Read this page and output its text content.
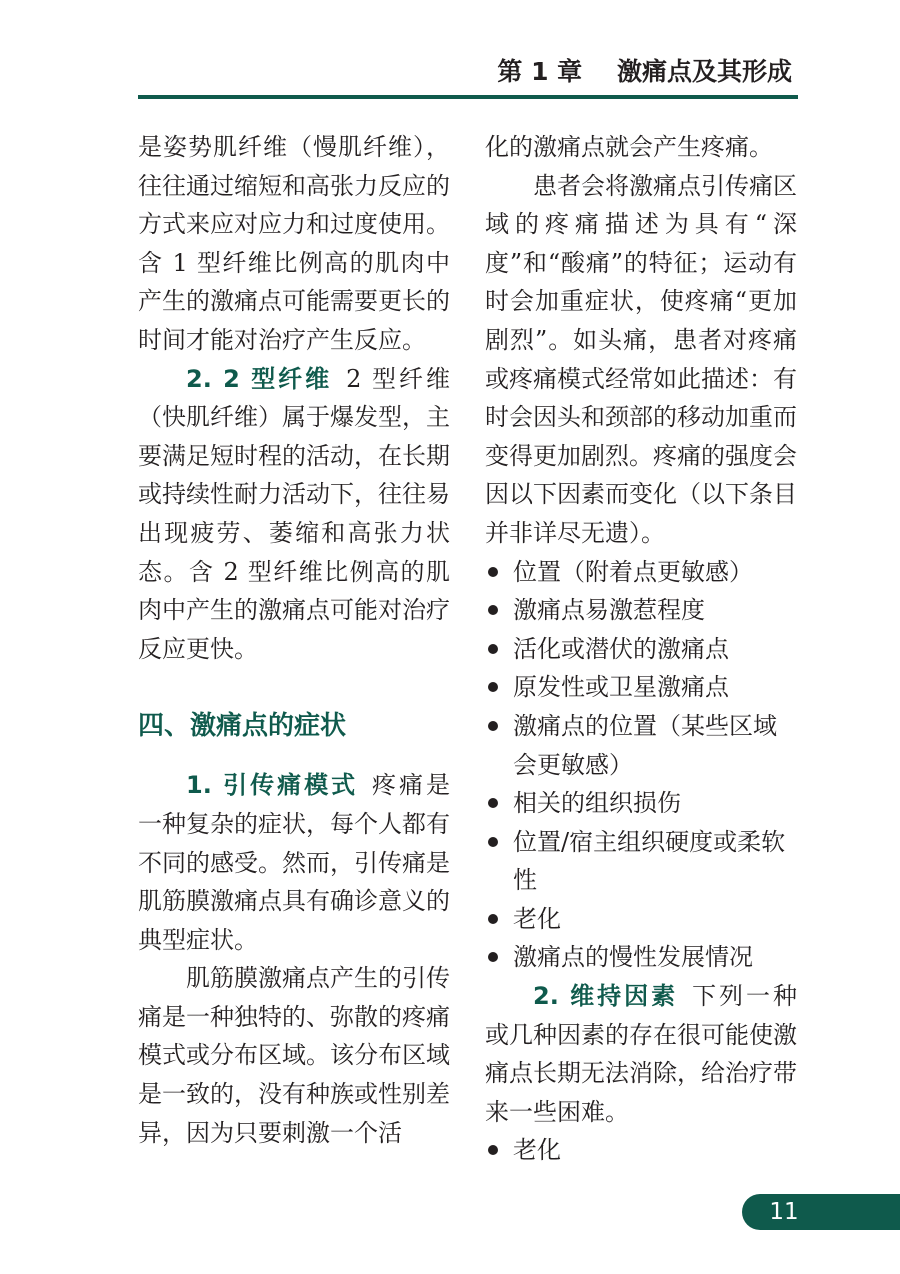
第 1 章    激痛点及其形成

是姿势肌纤维（慢肌纤维），往往通过缩短和高张力反应的方式来应对应力和过度使用。含 1 型纤维比例高的肌肉中产生的激痛点可能需要更长的时间才能对治疗产生反应。

2. 2 型纤维 2 型纤维（快肌纤维）属于爆发型，主要满足短时程的活动，在长期或持续性耐力活动下，往往易出现疲劳、萎缩和高张力状态。含 2 型纤维比例高的肌肉中产生的激痛点可能对治疗反应更快。

四、激痛点的症状

1. 引传痛模式 疼痛是一种复杂的症状，每个人都有不同的感受。然而，引传痛是肌筋膜激痛点具有确诊意义的典型症状。

肌筋膜激痛点产生的引传痛是一种独特的、弥散的疼痛模式或分布区域。该分布区域是一致的，没有种族或性别差异，因为只要刺激一个活

化的激痛点就会产生疼痛。

患者会将激痛点引传痛区域的疼痛描述为具有“深度”和“酸痛”的特征；运动有时会加重症状，使疼痛“更加剧烈”。如头痛，患者对疼痛或疼痛模式经常如此描述：有时会因头和颈部的移动加重而变得更加剧烈。疼痛的强度会因以下因素而变化（以下条目并非详尽无遗）。

位置（附着点更敏感）
激痛点易激惹程度
活化或潜伏的激痛点
原发性或卫星激痛点
激痛点的位置（某些区域会更敏感）
相关的组织损伤
位置/宿主组织硬度或柔软性
老化
激痛点的慢性发展情况

2. 维持因素 下列一种或几种因素的存在很可能使激痛点长期无法消除，给治疗带来一些困难。

老化
11
